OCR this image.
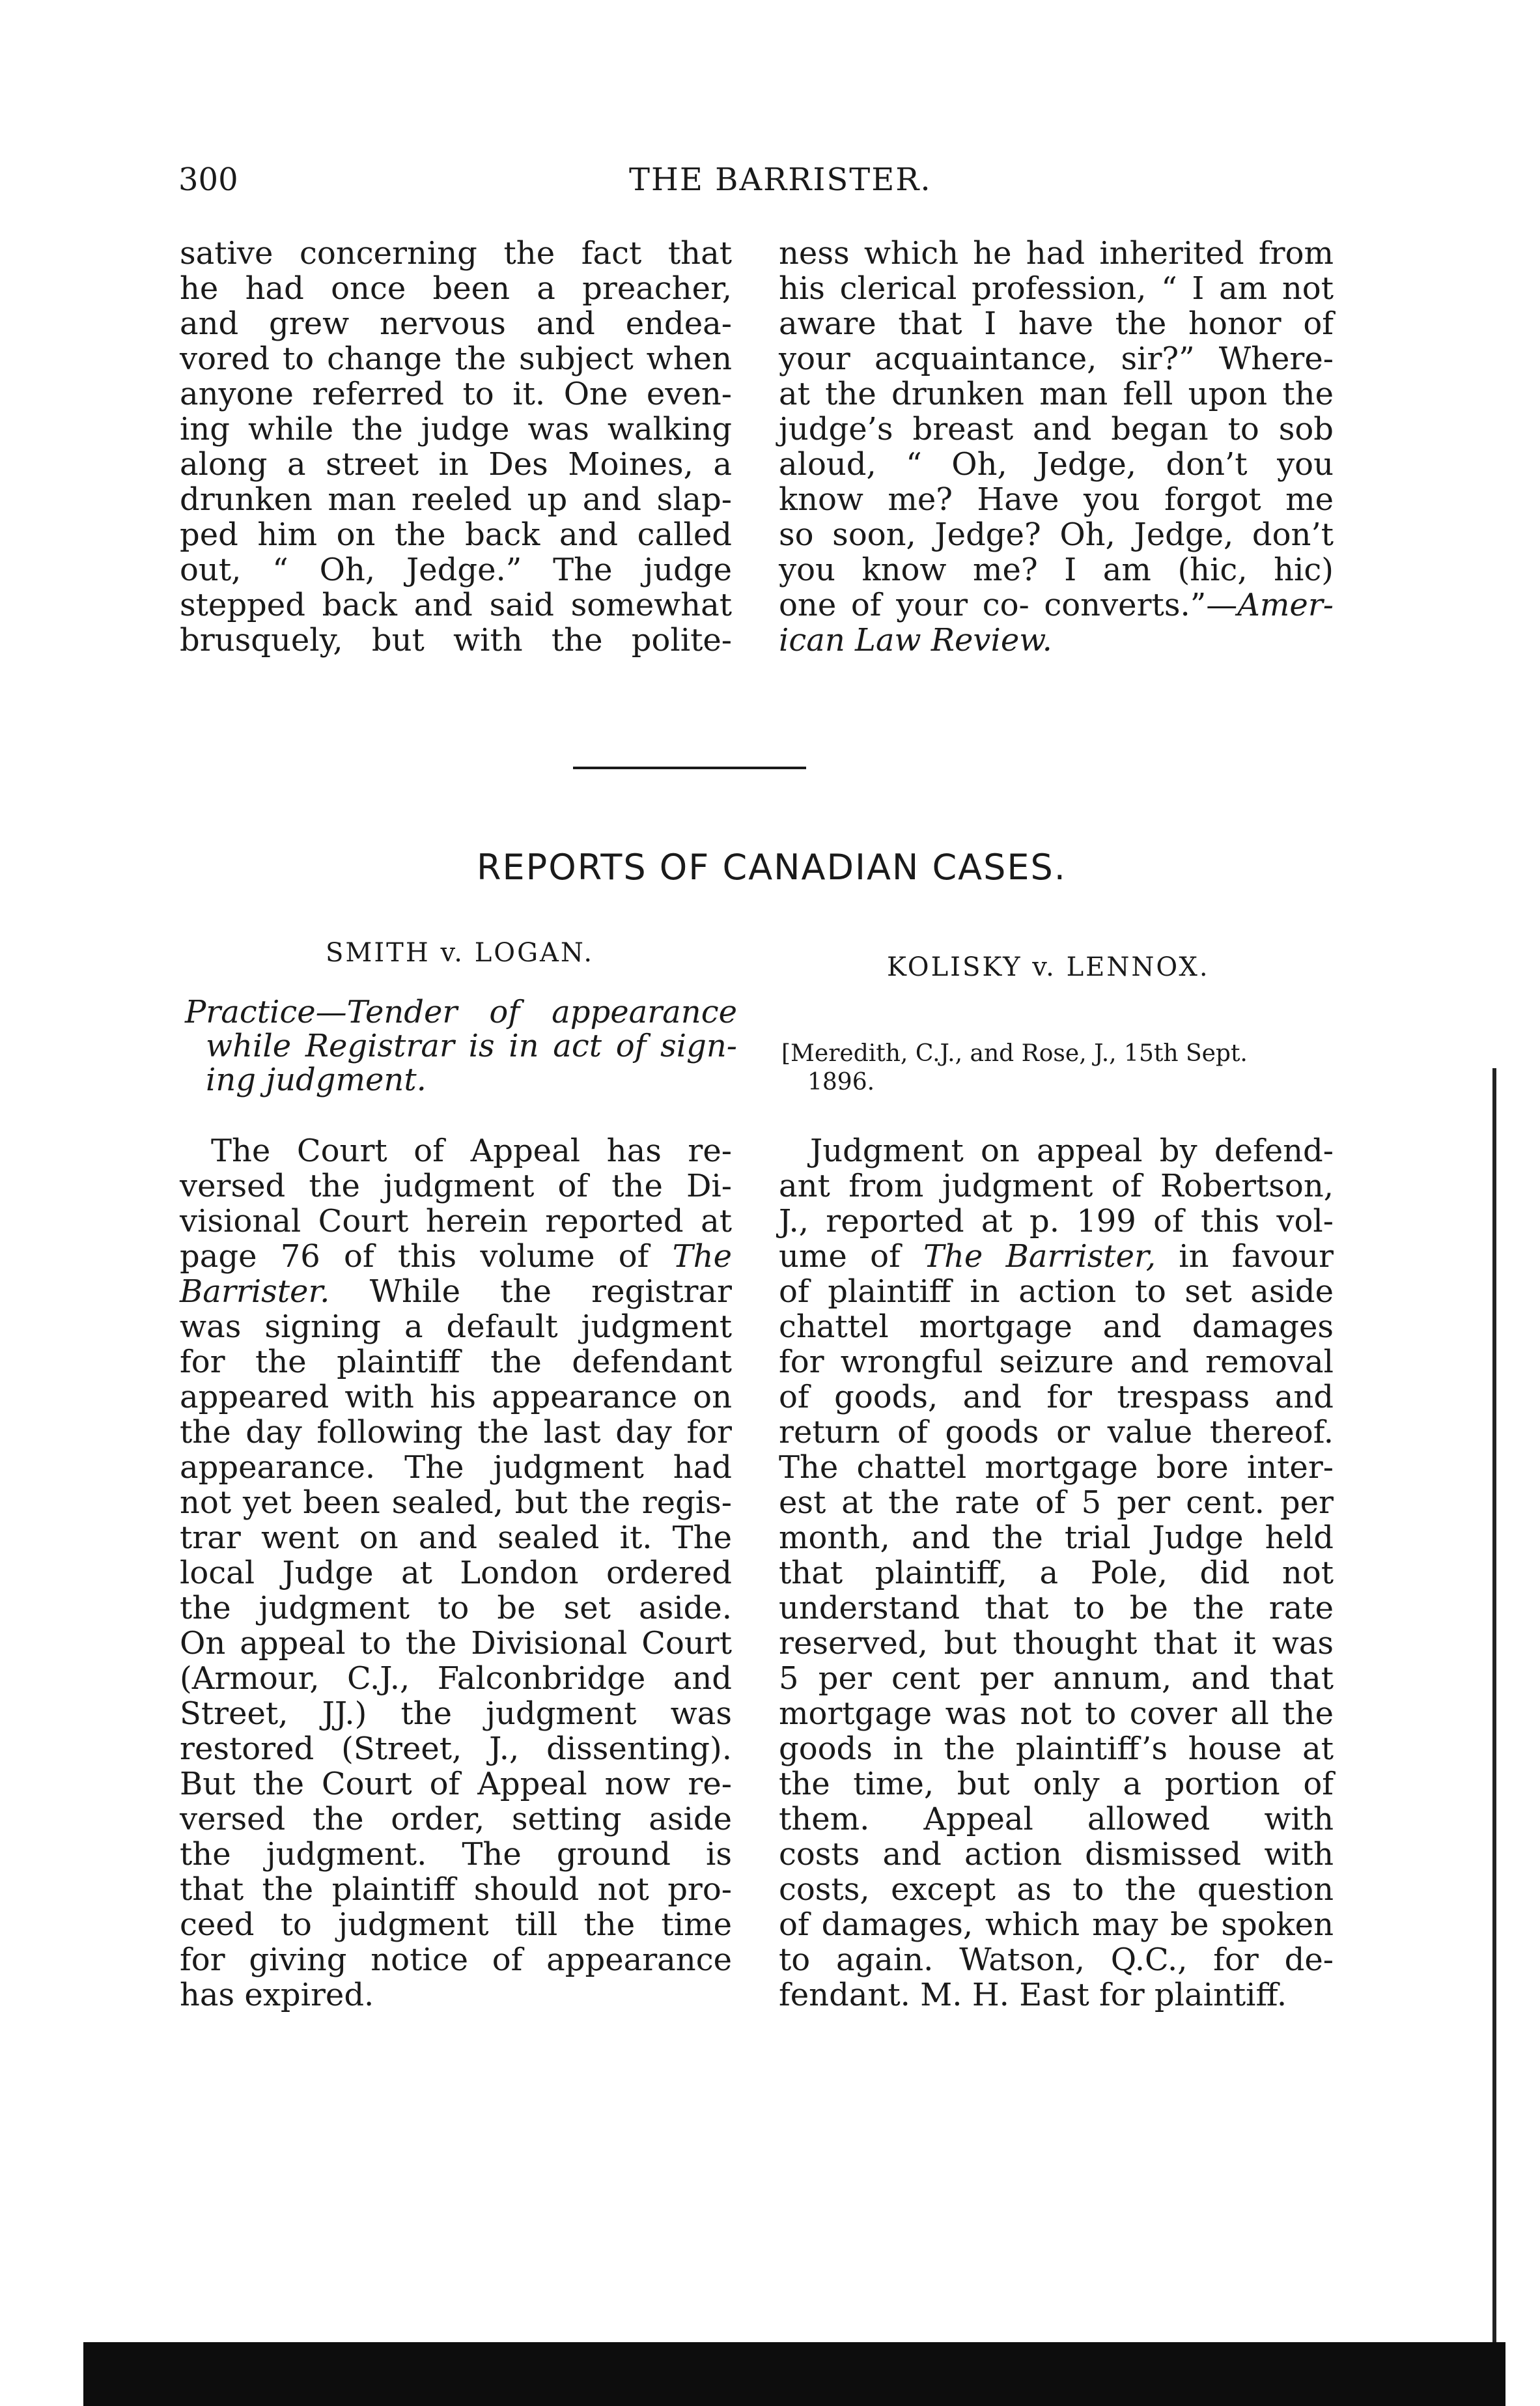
300	THE BARRISTER.
sative concerning the fact that
he had once been a preacher,
and grew nervous and endea-
vored to change the subject when
anyone referred to it. One even-
ing while the judge was walking
along a street in Des Moines, a
drunken man reeled up and slap-
ped him on the back and called
out, “ Oh, Jedge.” The judge
stepped back and said somewhat
brusquely, but with the polite-
ness which he had inherited from
his clerical profession, “ I am not
aware that I have the honor of
your acquaintance, sir?” Where-
at the drunken man fell upon the
judge’s breast and began to sob
aloud, “ Oh, Jedge, don’t you
know me? Have you forgot me
so soon, Jedge? Oh, Jedge, don’t
you know me? I am (hic, hic)
one of your co- converts.”—Amer-
ican Law Review.
REPORTS OF CANADIAN CASES.
SMITH v. LOGAN.
Practice—Tender of appearance
while Registrar is in act of sign-
ing judgment.
The Court of Appeal has re-
versed the judgment of the Di-
visional Court herein reported at
page 76 of this volume of The
Barrister. While the registrar
was signing a default judgment
for the plaintiff the defendant
appeared with his appearance on
the day following the last day for
appearance. The judgment had
not yet been sealed, but the regis-
trar went on and sealed it. The
local Judge at London ordered
the judgment to be set aside.
On appeal to the Divisional Court
(Armour, C.J., Falconbridge and
Street, JJ.) the judgment was
restored (Street, J., dissenting).
But the Court of Appeal now re-
versed the order, setting aside
the judgment. The ground is
that the plaintiff should not pro-
ceed to judgment till the time
for giving notice of appearance
has expired.
KOLISKY v. LENNOX.
[Meredith, C.J., and Rose, J., 15th Sept.
1896.
Judgment on appeal by defend-
ant from judgment of Robertson,
J., reported at p. 199 of this vol-
ume of The Barrister, in favour
of plaintiff in action to set aside
chattel mortgage and damages
for wrongful seizure and removal
of goods, and for trespass and
return of goods or value thereof.
The chattel mortgage bore inter-
est at the rate of 5 per cent. per
month, and the trial Judge held
that plaintiff, a Pole, did not
understand that to be the rate
reserved, but thought that it was
5 per cent per annum, and that
mortgage was not to cover all the
goods in the plaintiff’s house at
the time, but only a portion of
them. Appeal allowed with
costs and action dismissed with
costs, except as to the question
of damages, which may be spoken
to again. Watson, Q.C., for de-
fendant. M. H. East for plaintiff.
